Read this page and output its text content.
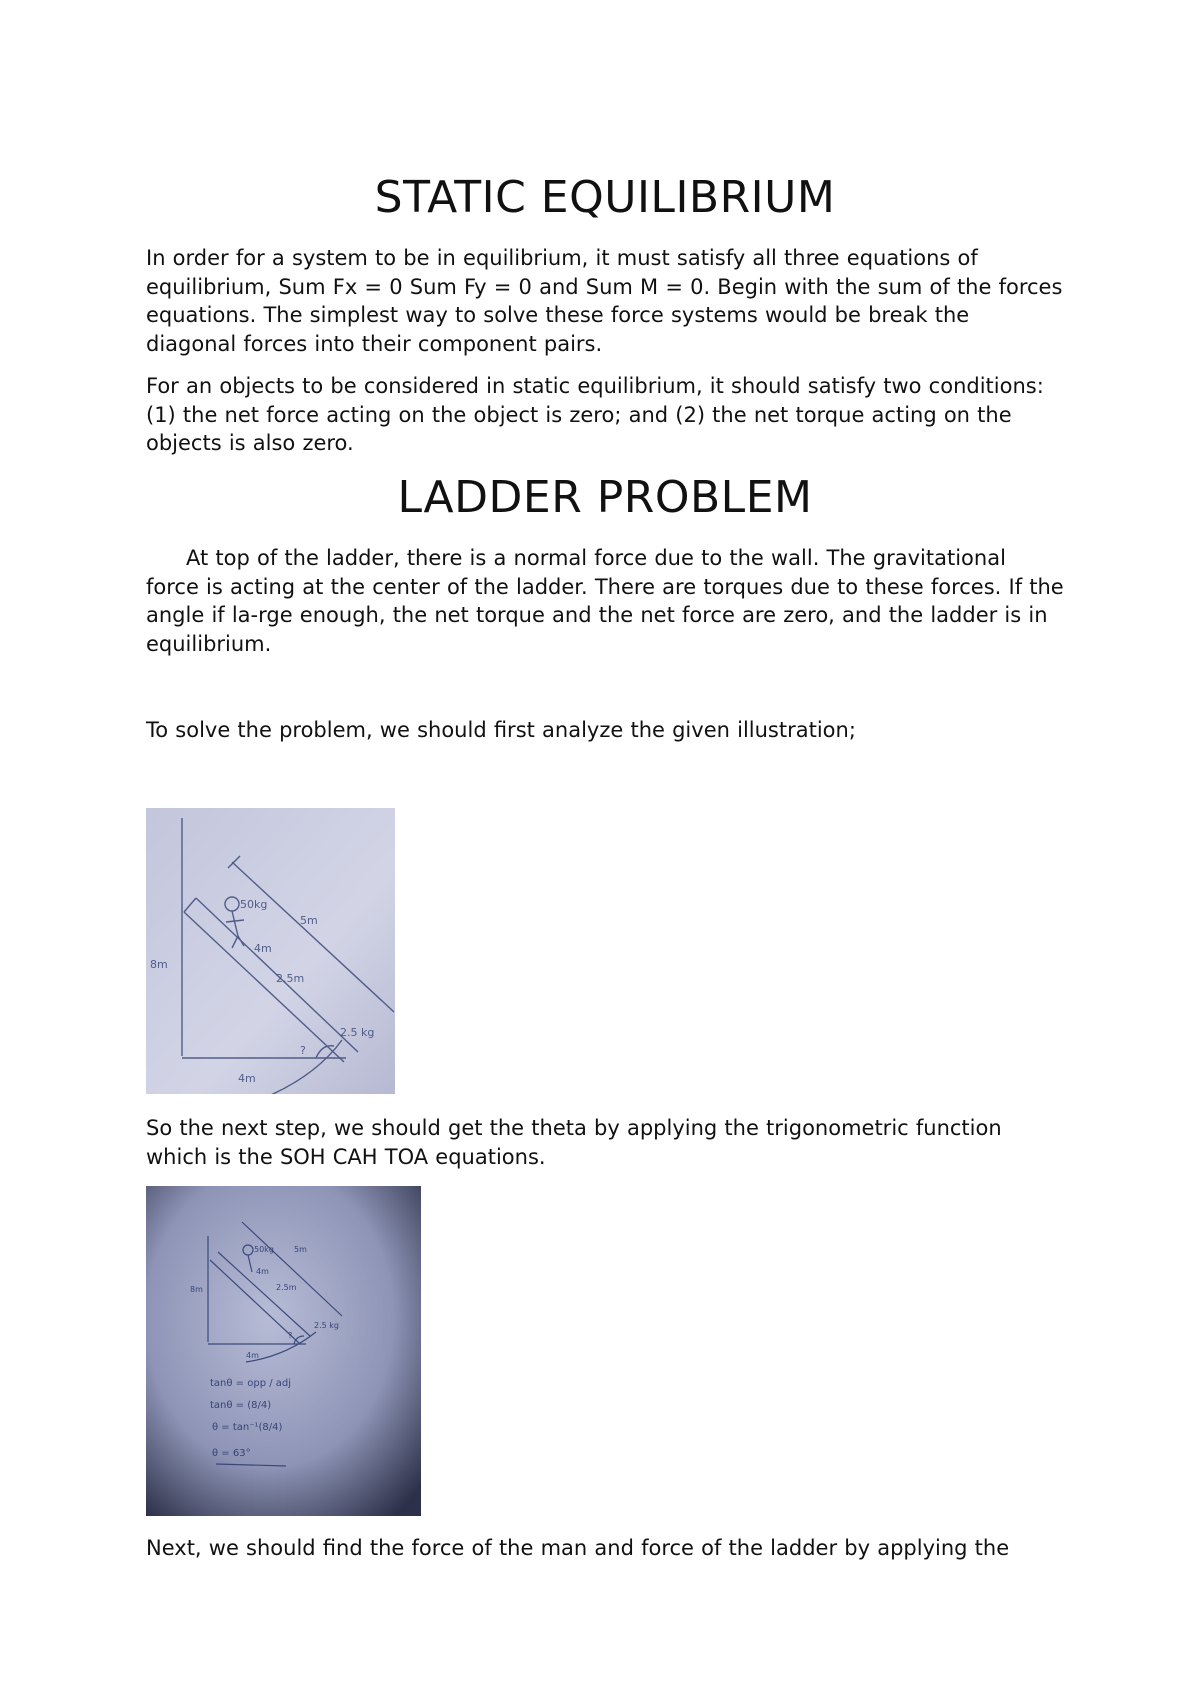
STATIC EQUILIBRIUM

In order for a system to be in equilibrium, it must satisfy all three equations of equilibrium, Sum Fx = 0 Sum Fy = 0 and Sum M = 0. Begin with the sum of the forces equations. The simplest way to solve these force systems would be break the diagonal forces into their component pairs.

For an objects to be considered in static equilibrium, it should satisfy two conditions: (1) the net force acting on the object is zero; and (2) the net torque acting on the objects is also zero.

LADDER PROBLEM

At top of the ladder, there is a normal force due to the wall. The gravitational force is acting at the center of the ladder. There are torques due to these forces. If the angle if la-rge enough, the net torque and the net force are zero, and the ladder is in equilibrium.

To solve the problem, we should first analyze the given illustration;

50kg
5m
4m
2.5m
8m
2.5 kg
?
4m

So the next step, we should get the theta by applying the trigonometric function which is the SOH CAH TOA equations.

50kg	5m
4m
2.5m
8m
2.5 kg
?
4m
tanθ = opp / adj
tanθ = (8/4)
θ = tan⁻¹(8/4)
θ = 63°

Next, we should find the force of the man and force of the ladder by applying the
